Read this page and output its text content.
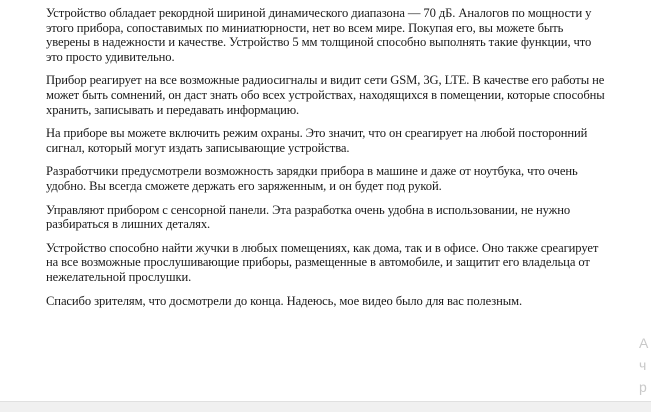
Устройство обладает рекордной шириной динамического диапазона — 70 дБ. Аналогов по мощности у этого прибора, сопоставимых по миниатюрности, нет во всем мире. Покупая его, вы можете быть уверены в надежности и качестве. Устройство 5 мм толщиной способно выполнять такие функции, что это просто удивительно.

Прибор реагирует на все возможные радиосигналы и видит сети GSM, 3G, LTE. В качестве его работы не может быть сомнений, он даст знать обо всех устройствах, находящихся в помещении, которые способны хранить, записывать и передавать информацию.

На приборе вы можете включить режим охраны. Это значит, что он среагирует на любой посторонний сигнал, который могут издать записывающие устройства.

Разработчики предусмотрели возможность зарядки прибора в машине и даже от ноутбука, что очень удобно. Вы всегда сможете держать его заряженным, и он будет под рукой.

Управляют прибором с сенсорной панели. Эта разработка очень удобна в использовании, не нужно разбираться в лишних деталях.

Устройство способно найти жучки в любых помещениях, как дома, так и в офисе. Оно также среагирует на все возможные прослушивающие приборы, размещенные в автомобиле, и защитит его владельца от нежелательной прослушки.

Спасибо зрителям, что досмотрели до конца. Надеюсь, мое видео было для вас полезным.

А
ч
р
